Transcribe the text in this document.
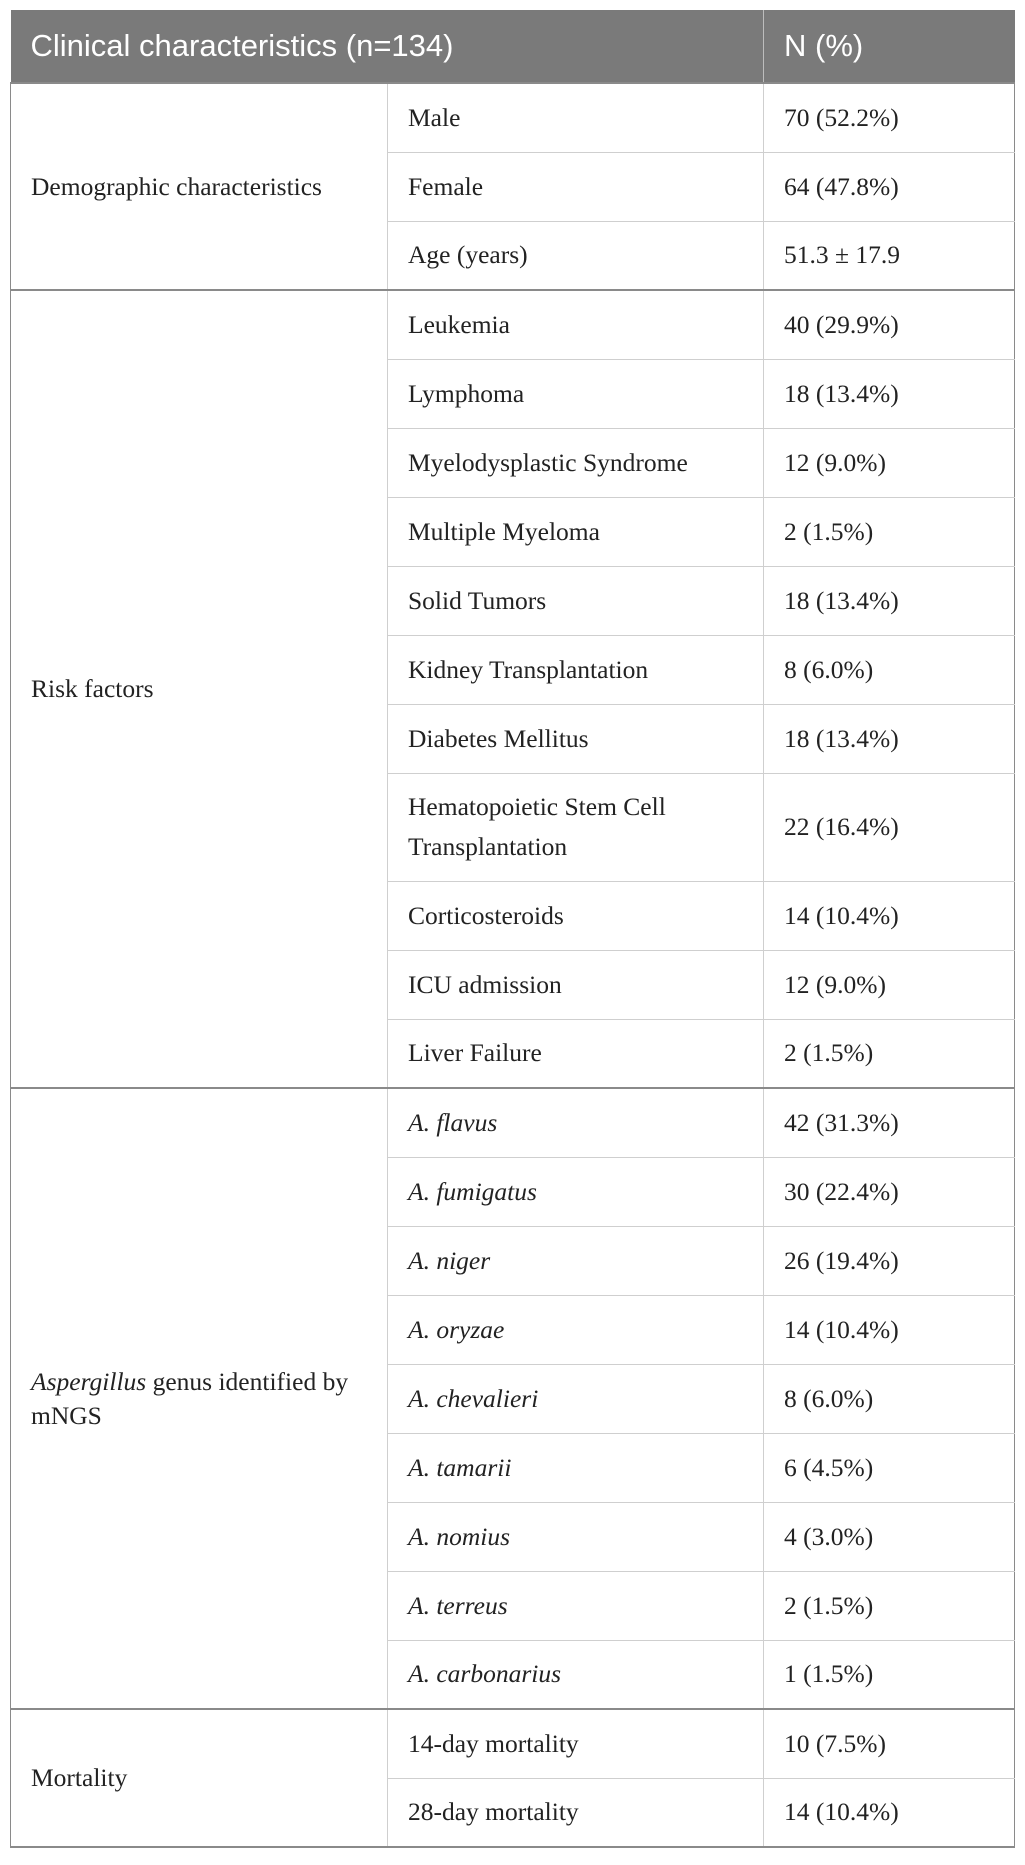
Clinical characteristics (n=134)		N (%)
Demographic characteristics	Male	70 (52.2%)
	Female	64 (47.8%)
	Age (years)	51.3 ± 17.9
Risk factors	Leukemia	40 (29.9%)
	Lymphoma	18 (13.4%)
	Myelodysplastic Syndrome	12 (9.0%)
	Multiple Myeloma	2 (1.5%)
	Solid Tumors	18 (13.4%)
	Kidney Transplantation	8 (6.0%)
	Diabetes Mellitus	18 (13.4%)
	Hematopoietic Stem Cell Transplantation	22 (16.4%)
	Corticosteroids	14 (10.4%)
	ICU admission	12 (9.0%)
	Liver Failure	2 (1.5%)
Aspergillus genus identified by mNGS	A. flavus	42 (31.3%)
	A. fumigatus	30 (22.4%)
	A. niger	26 (19.4%)
	A. oryzae	14 (10.4%)
	A. chevalieri	8 (6.0%)
	A. tamarii	6 (4.5%)
	A. nomius	4 (3.0%)
	A. terreus	2 (1.5%)
	A. carbonarius	1 (1.5%)
Mortality	14-day mortality	10 (7.5%)
	28-day mortality	14 (10.4%)
